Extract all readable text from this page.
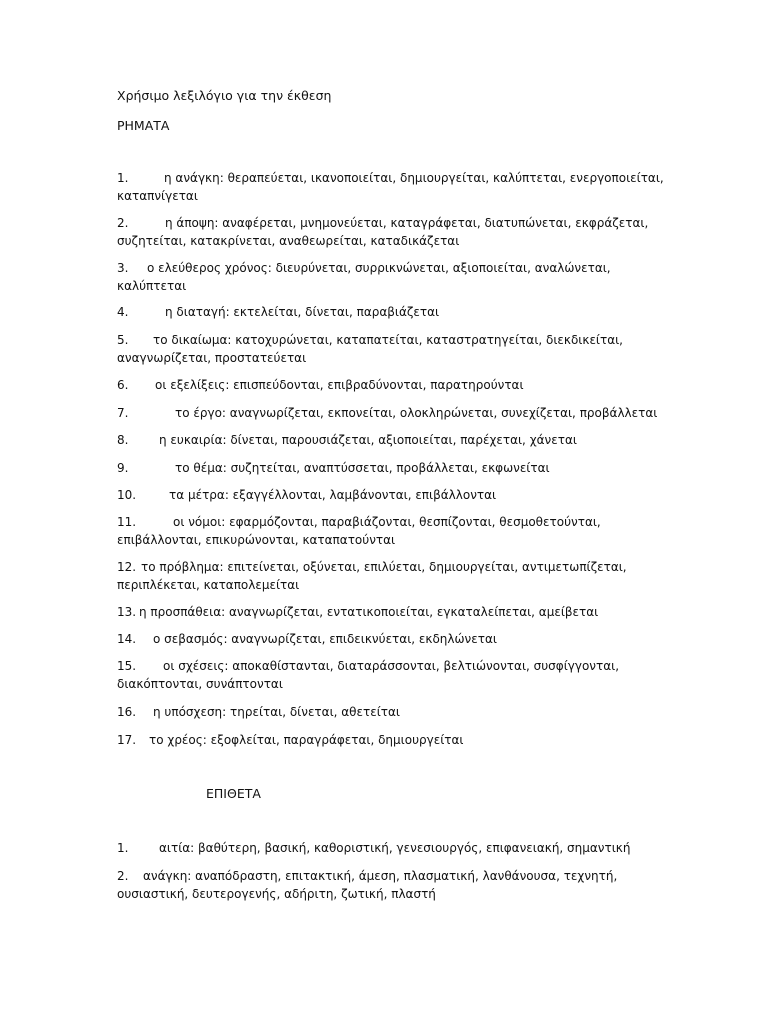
Χρήσιμο λεξιλόγιο για την έκθεση
ΡΗΜΑΤΑ
1.	η ανάγκη: θεραπεύεται, ικανοποιείται, δημιουργείται, καλύπτεται, ενεργοποιείται,
καταπνίγεται
2.	η άποψη: αναφέρεται, μνημονεύεται, καταγράφεται, διατυπώνεται, εκφράζεται,
συζητείται, κατακρίνεται, αναθεωρείται, καταδικάζεται
3. ο ελεύθερος χρόνος: διευρύνεται, συρρικνώνεται, αξιοποιείται, αναλώνεται,
καλύπτεται
4.	η διαταγή: εκτελείται, δίνεται, παραβιάζεται
5. το δικαίωμα: κατοχυρώνεται, καταπατείται, καταστρατηγείται, διεκδικείται,
αναγνωρίζεται, προστατεύεται
6. οι εξελίξεις: επισπεύδονται, επιβραδύνονται, παρατηρούνται
7.	το έργο: αναγνωρίζεται, εκπονείται, ολοκληρώνεται, συνεχίζεται, προβάλλεται
8.	η ευκαιρία: δίνεται, παρουσιάζεται, αξιοποιείται, παρέχεται, χάνεται
9.	το θέμα: συζητείται, αναπτύσσεται, προβάλλεται, εκφωνείται
10.	τα μέτρα: εξαγγέλλονται, λαμβάνονται, επιβάλλονται
11.	οι νόμοι: εφαρμόζονται, παραβιάζονται, θεσπίζονται, θεσμοθετούνται,
επιβάλλονται, επικυρώνονται, καταπατούνται
12. το πρόβλημα: επιτείνεται, οξύνεται, επιλύεται, δημιουργείται, αντιμετωπίζεται,
περιπλέκεται, καταπολεμείται
13. η προσπάθεια: αναγνωρίζεται, εντατικοποιείται, εγκαταλείπεται, αμείβεται
14. ο σεβασμός: αναγνωρίζεται, επιδεικνύεται, εκδηλώνεται
15. οι σχέσεις: αποκαθίστανται, διαταράσσονται, βελτιώνονται, συσφίγγονται,
διακόπτονται, συνάπτονται
16. η υπόσχεση: τηρείται, δίνεται, αθετείται
17. το χρέος: εξοφλείται, παραγράφεται, δημιουργείται
ΕΠΙΘΕΤΑ
1.	αιτία: βαθύτερη, βασική, καθοριστική, γενεσιουργός, επιφανειακή, σημαντική
2. ανάγκη: αναπόδραστη, επιτακτική, άμεση, πλασματική, λανθάνουσα, τεχνητή,
ουσιαστική, δευτερογενής, αδήριτη, ζωτική, πλαστή
